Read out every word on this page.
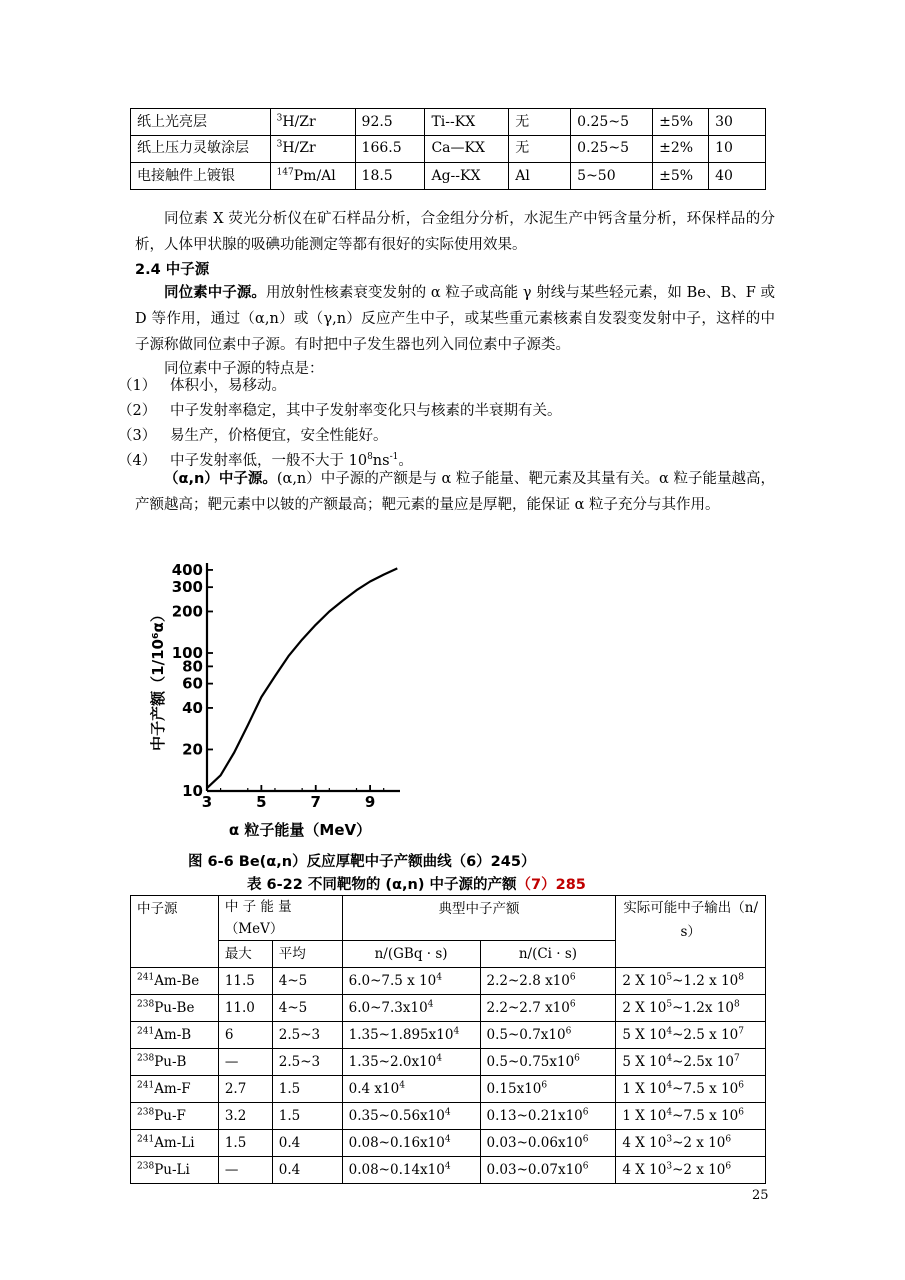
纸上光亮层	$^3$H/Zr	92.5	Ti--KX	无	0.25~5	±5%	30
纸上压力灵敏涂层	$^3$H/Zr	166.5	Ca—KX	无	0.25~5	±2%	10
电接触件上镀银	$^{147}$Pm/Al	18.5	Ag--KX	Al	5~50	±5%	40
同位素 X 荧光分析仪在矿石样品分析，合金组分分析，水泥生产中钙含量分析，环保样品的分析，人体甲状腺的吸碘功能测定等都有很好的实际使用效果。
2.4 中子源
同位素中子源。用放射性核素衰变发射的 α 粒子或高能 γ 射线与某些轻元素，如 Be、B、F 或 D 等作用，通过（α,n）或（γ,n）反应产生中子，或某些重元素核素自发裂变发射中子，这样的中子源称做同位素中子源。有时把中子发生器也列入同位素中子源类。
同位素中子源的特点是：
（1） 体积小，易移动。
（2） 中子发射率稳定，其中子发射率变化只与核素的半衰期有关。
（3） 易生产，价格便宜，安全性能好。
（4） 中子发射率低，一般不大于 $10^8ns^{-1}$。
（α,n）中子源。(α,n）中子源的产额是与 α 粒子能量、靶元素及其量有关。α 粒子能量越高，产额越高；靶元素中以铍的产额最高；靶元素的量应是厚靶，能保证 α 粒子充分与其作用。
10
20
40
60
80
100
200
300
400
3	5	7	9
α 粒子能量（MeV）
中子产额（1/10⁶α）
图 6-6 Be(α,n）反应厚靶中子产额曲线（6）245）
表 6-22 不同靶物的 (α,n) 中子源的产额（7）285
中子源	中 子 能 量（MeV）		典型中子产额		实际可能中子输出（n/ s）
	最大	平均	n/(GBq · s)	n/(Ci · s)	
$^{241}$Am-Be	11.5	4~5	6.0~7.5 x $10^4$	2.2~2.8 $x10^6$	2 X $10^5\sim 1.2$ x $10^8$
$^{238}$Pu-Be	11.0	4~5	$6.0\sim 7.3x10^4$	2.2~2.7 $x10^6$	2 X $10^5\sim 1.2x$ $10^8$
$^{241}$Am-B	6	2.5~3	$1.35\sim 1.895x10^4$	$0.5\sim 0.7x10^6$	5 X $10^4\sim 2.5$ x $10^7$
$^{238}$Pu-B	—	2.5~3	$1.35\sim 2.0x10^4$	$0.5\sim 0.75x10^6$	5 X $10^4\sim 2.5x$ $10^7$
$^{241}$Am-F	2.7	1.5	0.4 $x10^4$	$0.15x10^6$	1 X $10^4\sim 7.5$ x $10^6$
$^{238}$Pu-F	3.2	1.5	$0.35\sim 0.56x10^4$	$0.13\sim 0.21x10^6$	1 X $10^4\sim 7.5$ x $10^6$
$^{241}$Am-Li	1.5	0.4	$0.08\sim 0.16x10^4$	$0.03\sim 0.06x10^6$	4 X $10^3\sim 2$ x $10^6$
$^{238}$Pu-Li	—	0.4	$0.08\sim 0.14x10^4$	$0.03\sim 0.07x10^6$	4 X $10^3\sim 2$ x $10^6$
25
